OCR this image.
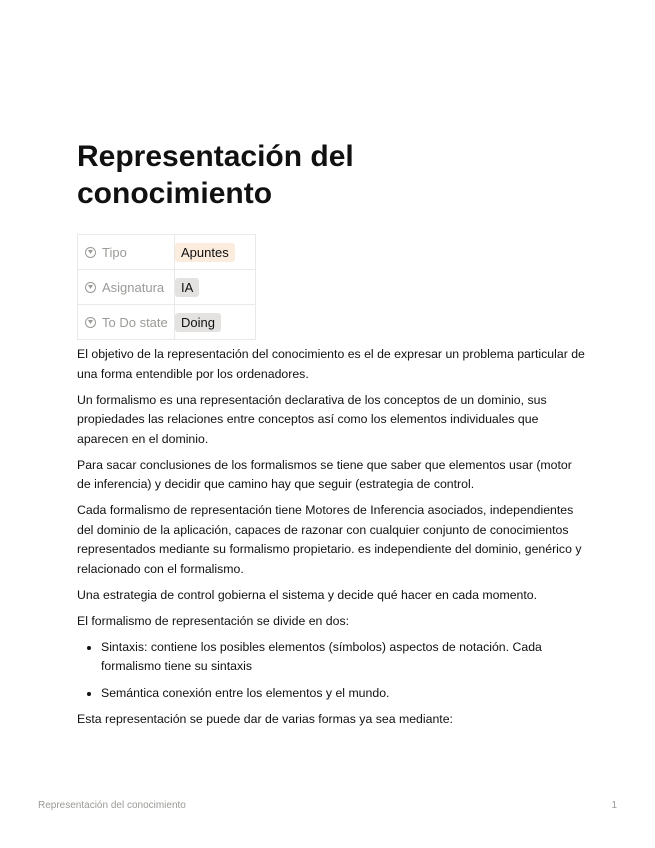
Representación del conocimiento
Tipo	Apuntes

Asignatura	IA

To Do state	Doing

El objetivo de la representación del conocimiento es el de expresar un problema particular de una forma entendible por los ordenadores.

Un formalismo es una representación declarativa de los conceptos de un dominio, sus propiedades las relaciones entre conceptos así como los elementos individuales que aparecen en el dominio.

Para sacar conclusiones de los formalismos se tiene que saber que elementos usar (motor de inferencia) y decidir que camino hay que seguir (estrategia de control.

Cada formalismo de representación tiene Motores de Inferencia asociados, independientes del dominio de la aplicación, capaces de razonar con cualquier conjunto de conocimientos representados mediante su formalismo propietario. es independiente del dominio, genérico y relacionado con el formalismo.

Una estrategia de control gobierna el sistema y decide qué hacer en cada momento.

El formalismo de representación se divide en dos:

• Sintaxis: contiene los posibles elementos (símbolos) aspectos de notación. Cada formalismo tiene su sintaxis
• Semántica conexión entre los elementos y el mundo.

Esta representación se puede dar de varias formas ya sea mediante:

Representación del conocimiento	1
